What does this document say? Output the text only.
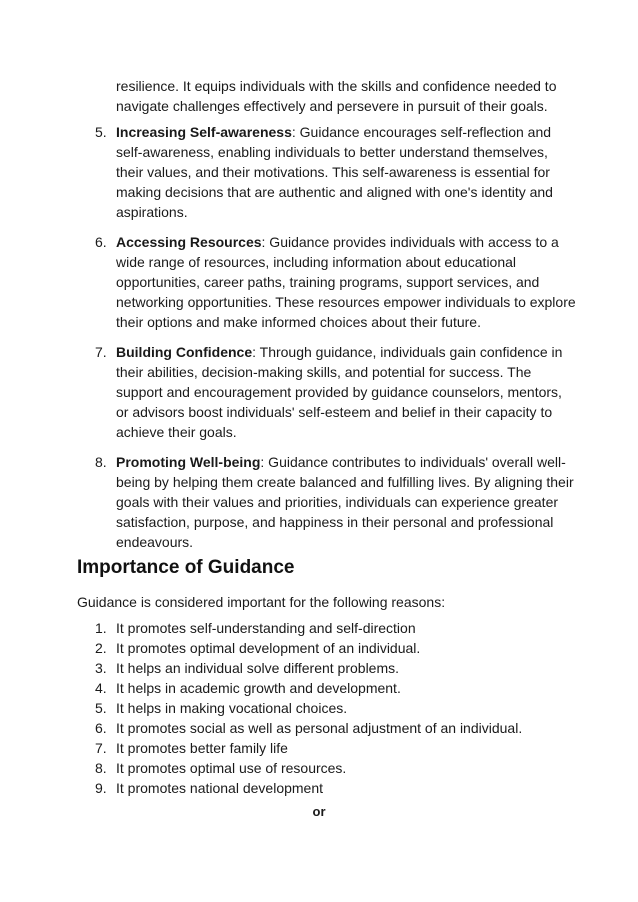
resilience. It equips individuals with the skills and confidence needed to navigate challenges effectively and persevere in pursuit of their goals.

5. Increasing Self-awareness: Guidance encourages self-reflection and self-awareness, enabling individuals to better understand themselves, their values, and their motivations. This self-awareness is essential for making decisions that are authentic and aligned with one's identity and aspirations.
6. Accessing Resources: Guidance provides individuals with access to a wide range of resources, including information about educational opportunities, career paths, training programs, support services, and networking opportunities. These resources empower individuals to explore their options and make informed choices about their future.
7. Building Confidence: Through guidance, individuals gain confidence in their abilities, decision-making skills, and potential for success. The support and encouragement provided by guidance counselors, mentors, or advisors boost individuals' self-esteem and belief in their capacity to achieve their goals.
8. Promoting Well-being: Guidance contributes to individuals' overall well-being by helping them create balanced and fulfilling lives. By aligning their goals with their values and priorities, individuals can experience greater satisfaction, purpose, and happiness in their personal and professional endeavours.
Importance of Guidance

Guidance is considered important for the following reasons:

1. It promotes self-understanding and self-direction
2. It promotes optimal development of an individual.
3. It helps an individual solve different problems.
4. It helps in academic growth and development.
5. It helps in making vocational choices.
6. It promotes social as well as personal adjustment of an individual.
7. It promotes better family life
8. It promotes optimal use of resources.
9. It promotes national development
or
